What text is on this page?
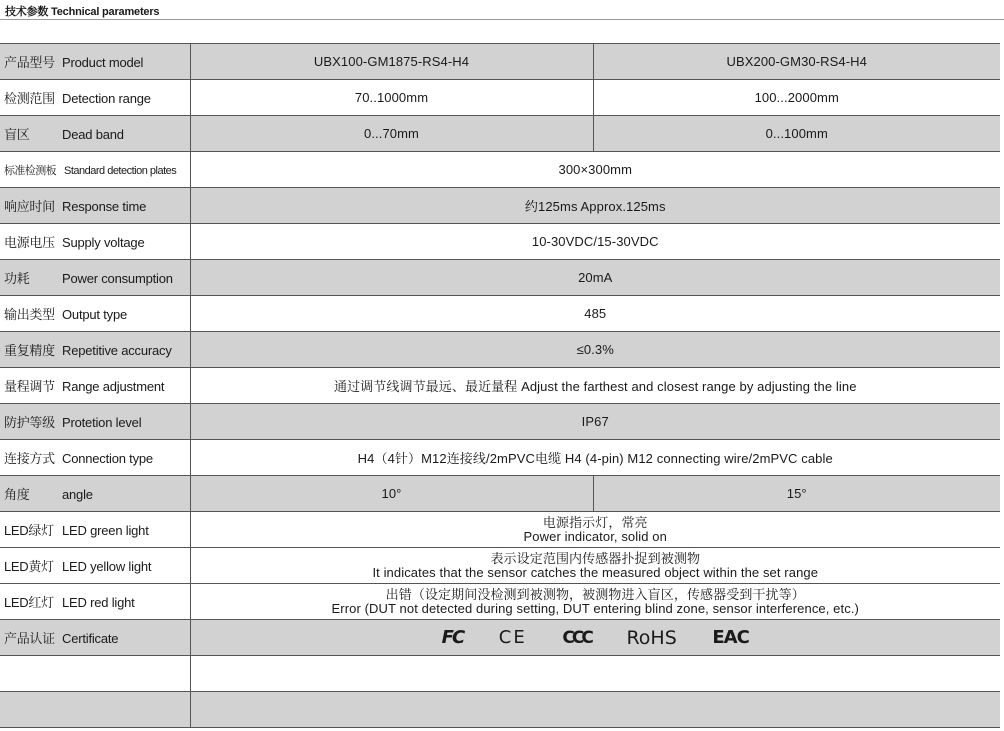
技术参数 Technical parameters
产品型号 Product model	UBX100-GM1875-RS4-H4	UBX200-GM30-RS4-H4
检测范围 Detection range	70..1000mm	100...2000mm
盲区 Dead band	0...70mm	0...100mm
标准检测板 Standard detection plates	300×300mm	
响应时间 Response time	约125ms Approx.125ms	
电源电压 Supply voltage	10-30VDC/15-30VDC	
功耗 Power consumption	20mA	
输出类型 Output type	485	
重复精度 Repetitive accuracy	≤0.3%	
量程调节 Range adjustment	通过调节线调节最远、最近量程 Adjust the farthest and closest range by adjusting the line	
防护等级 Protetion level	IP67	
连接方式 Connection type	H4（4针）M12连接线/2mPVC电缆 H4 (4-pin) M12 connecting wire/2mPVC cable	
角度 angle	10°	15°
LED绿灯 LED green light	电源指示灯，常亮
Power indicator, solid on	

LED黄灯 LED yellow light	表示设定范围内传感器扑捉到被测物
It indicates that the sensor catches the measured object within the set range	

LED红灯 LED red light	出错（设定期间没检测到被测物，被测物进入盲区，传感器受到干扰等）
Error (DUT not detected during setting, DUT entering blind zone, sensor interference, etc.)	

产品认证 Certificate	FC CE CCC RoHS EAC	
